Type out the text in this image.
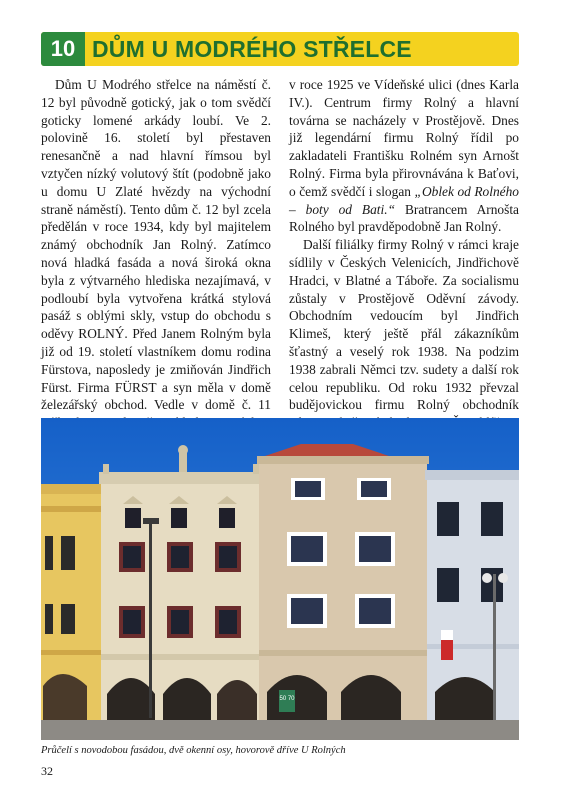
10 DŮM U MODRÉHO STŘELCE

Dům U Modrého střelce na náměstí č. 12 byl původně gotický, jak o tom svědčí goticky lomené arkády loubí. Ve 2. polovině 16. století byl přestaven renesančně a nad hlavní římsou byl vztyčen nízký volutový štít (podobně jako u domu U Zlaté hvězdy na východní straně náměstí). Tento dům č. 12 byl zcela předělán v roce 1934, kdy byl majitelem známý obchodník Jan Rolný. Zatímco nová hladká fasáda a nová široká okna byla z výtvarného hlediska nezajímavá, v podloubí byla vytvořena krátká stylová pasáž s oblými skly, vstup do obchodu s oděvy ROLNÝ. Před Janem Rolným byla již od 19. století vlastníkem domu rodina Fürstova, naposledy je zmiňován Jindřich Fürst. Firma FÜRST a syn měla v domě železářský obchod. Vedle v domě č. 11

v roce 1925 ve Vídeňské ulici (dnes Karla IV.). Centrum firmy Rolný a hlavní továrna se nacházely v Prostějově. Dnes již legendární firmu Rolný řídil po zakladateli Františku Rolném syn Arnošt Rolný. Firma byla přirovnávána k Baťovi, o čemž svědčí i slogan „Oblek od Rolného – boty od Bati.“ Bratrancem Arnošta Rolného byl pravděpodobně Jan Rolný.

Další filiálky firmy Rolný v rámci kraje sídlily v Českých Velenicích, Jindřichově Hradci, v Blatné a Táboře. Za socialismu zůstaly v Prostějově Oděvní závody. Obchodním vedoucím byl Jindřich Klimeš, který ještě přál zákazníkům šťastný a veselý rok 1938. Na podzim 1938 zabrali Němci tzv. sudety a další rok celou republiku. Od roku 1932 převzal budějovickou firmu Rolný obchodník

50 70
Průčelí s novodobou fasádou, dvě okenní osy, hovorově dříve U Rolných
32
